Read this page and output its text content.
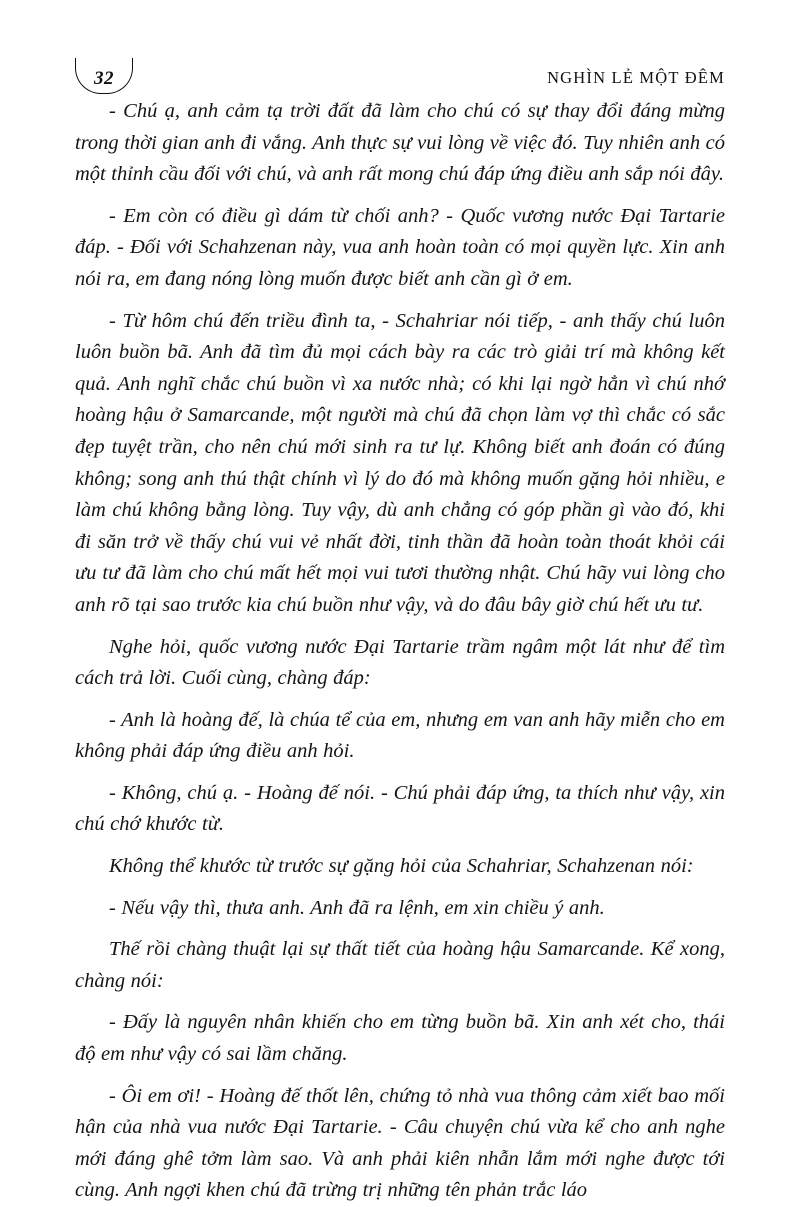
32	NGHÌN LẺ MỘT ĐÊM

- Chú ạ, anh cảm tạ trời đất đã làm cho chú có sự thay đổi đáng mừng trong thời gian anh đi vắng. Anh thực sự vui lòng về việc đó. Tuy nhiên anh có một thỉnh cầu đối với chú, và anh rất mong chú đáp ứng điều anh sắp nói đây.

- Em còn có điều gì dám từ chối anh? - Quốc vương nước Đại Tartarie đáp. - Đối với Schahzenan này, vua anh hoàn toàn có mọi quyền lực. Xin anh nói ra, em đang nóng lòng muốn được biết anh cần gì ở em.

- Từ hôm chú đến triều đình ta, - Schahriar nói tiếp, - anh thấy chú luôn luôn buồn bã. Anh đã tìm đủ mọi cách bày ra các trò giải trí mà không kết quả. Anh nghĩ chắc chú buồn vì xa nước nhà; có khi lại ngờ hẳn vì chú nhớ hoàng hậu ở Samarcande, một người mà chú đã chọn làm vợ thì chắc có sắc đẹp tuyệt trần, cho nên chú mới sinh ra tư lự. Không biết anh đoán có đúng không; song anh thú thật chính vì lý do đó mà không muốn gặng hỏi nhiều, e làm chú không bằng lòng. Tuy vậy, dù anh chẳng có góp phần gì vào đó, khi đi săn trở về thấy chú vui vẻ nhất đời, tinh thần đã hoàn toàn thoát khỏi cái ưu tư đã làm cho chú mất hết mọi vui tươi thường nhật. Chú hãy vui lòng cho anh rõ tại sao trước kia chú buồn như vậy, và do đâu bây giờ chú hết ưu tư.

Nghe hỏi, quốc vương nước Đại Tartarie trầm ngâm một lát như để tìm cách trả lời. Cuối cùng, chàng đáp:

- Anh là hoàng đế, là chúa tể của em, nhưng em van anh hãy miễn cho em không phải đáp ứng điều anh hỏi.

- Không, chú ạ. - Hoàng đế nói. - Chú phải đáp ứng, ta thích như vậy, xin chú chớ khước từ.

Không thể khước từ trước sự gặng hỏi của Schahriar, Schahzenan nói:

- Nếu vậy thì, thưa anh. Anh đã ra lệnh, em xin chiều ý anh.

Thế rồi chàng thuật lại sự thất tiết của hoàng hậu Samarcande. Kể xong, chàng nói:

- Đấy là nguyên nhân khiến cho em từng buồn bã. Xin anh xét cho, thái độ em như vậy có sai lầm chăng.

- Ôi em ơi! - Hoàng đế thốt lên, chứng tỏ nhà vua thông cảm xiết bao mối hận của nhà vua nước Đại Tartarie. - Câu chuyện chú vừa kể cho anh nghe mới đáng ghê tởm làm sao. Và anh phải kiên nhẫn lắm mới nghe được tới cùng. Anh ngợi khen chú đã trừng trị những tên phản trắc láo
